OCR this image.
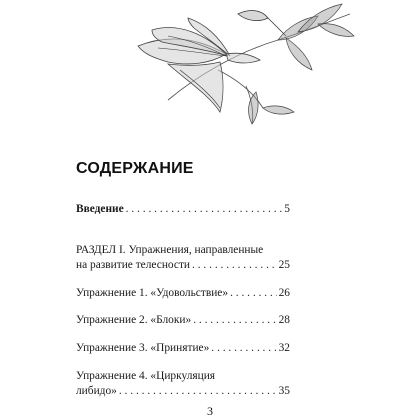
СОДЕРЖАНИЕ
Введение . . .	5
РАЗДЕЛ I. Упражнения, направленные
на развитие телесности . . .	25
Упражнение 1. «Удовольствие» . . .	26
Упражнение 2. «Блоки» . . .	28
Упражнение 3. «Принятие» . . .	32
Упражнение 4. «Циркуляция
либидо» . . .	35
3
